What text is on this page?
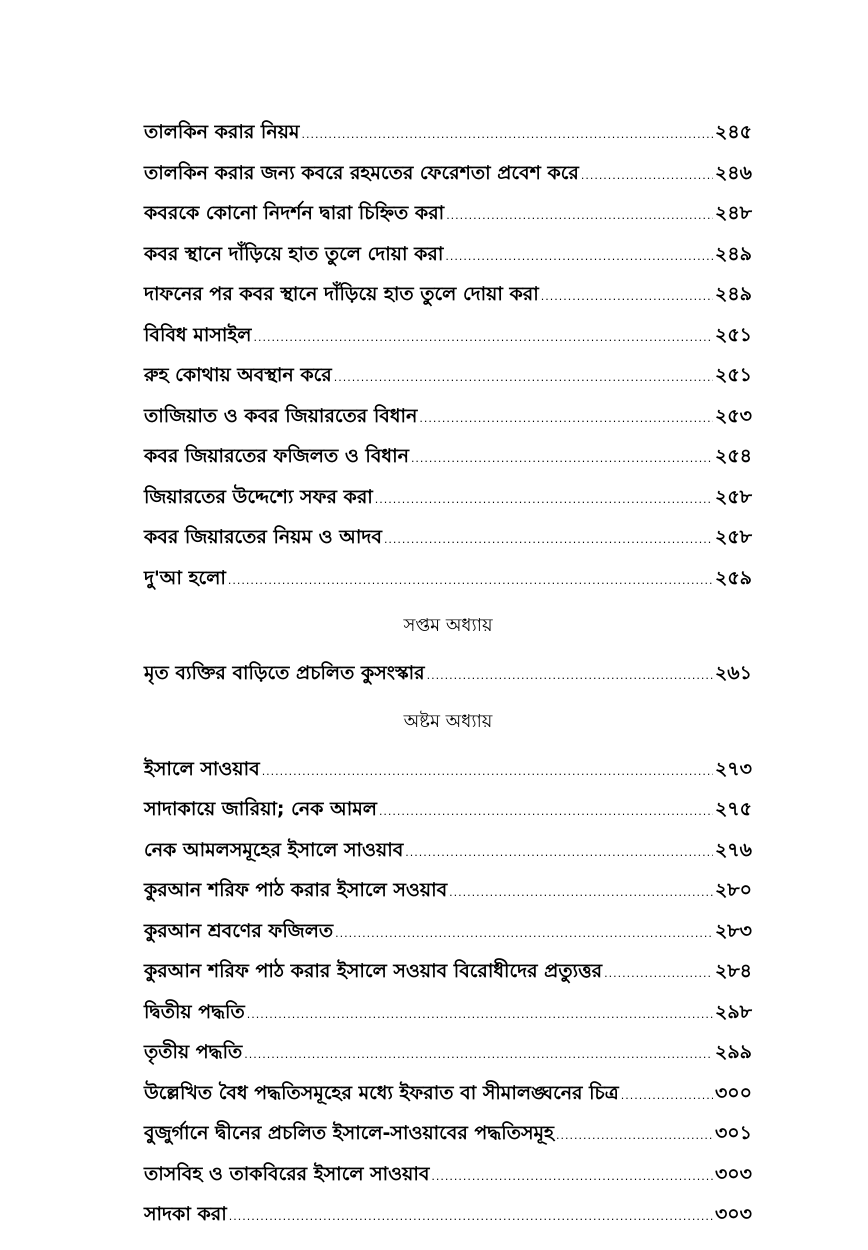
তালকিন করার নিয়ম .....	২৪৫
তালকিন করার জন্য কবরে রহমতের ফেরেশতা প্রবেশ করে .....	২৪৬
কবরকে কোনো নিদর্শন দ্বারা চিহ্নিত করা .....	২৪৮
কবর স্থানে দাঁড়িয়ে হাত তুলে দোয়া করা .....	২৪৯
দাফনের পর কবর স্থানে দাঁড়িয়ে হাত তুলে দোয়া করা .....	২৪৯
বিবিধ মাসাইল .....	২৫১
রুহ কোথায় অবস্থান করে .....	২৫১
তাজিয়াত ও কবর জিয়ারতের বিধান .....	২৫৩
কবর জিয়ারতের ফজিলত ও বিধান .....	২৫৪
জিয়ারতের উদ্দেশ্যে সফর করা .....	২৫৮
কবর জিয়ারতের নিয়ম ও আদব .....	২৫৮
দু'আ হলো .....	২৫৯
সপ্তম অধ্যায়
মৃত ব্যক্তির বাড়িতে প্রচলিত কুসংস্কার .....	২৬১
অষ্টম অধ্যায়
ইসালে সাওয়াব .....	২৭৩
সাদাকায়ে জারিয়া; নেক আমল .....	২৭৫
নেক আমলসমূহের ইসালে সাওয়াব .....	২৭৬
কুরআন শরিফ পাঠ করার ইসালে সওয়াব .....	২৮০
কুরআন শ্রবণের ফজিলত .....	২৮৩
কুরআন শরিফ পাঠ করার ইসালে সওয়াব বিরোধীদের প্রত্যুত্তর .....	২৮৪
দ্বিতীয় পদ্ধতি .....	২৯৮
তৃতীয় পদ্ধতি .....	২৯৯
উল্লেখিত বৈধ পদ্ধতিসমূহের মধ্যে ইফরাত বা সীমালঙ্ঘনের চিত্র .....	৩০০
বুজুর্গানে দ্বীনের প্রচলিত ইসালে-সাওয়াবের পদ্ধতিসমূহ .....	৩০১
তাসবিহ ও তাকবিরের ইসালে সাওয়াব .....	৩০৩
সাদকা করা .....	৩০৩
